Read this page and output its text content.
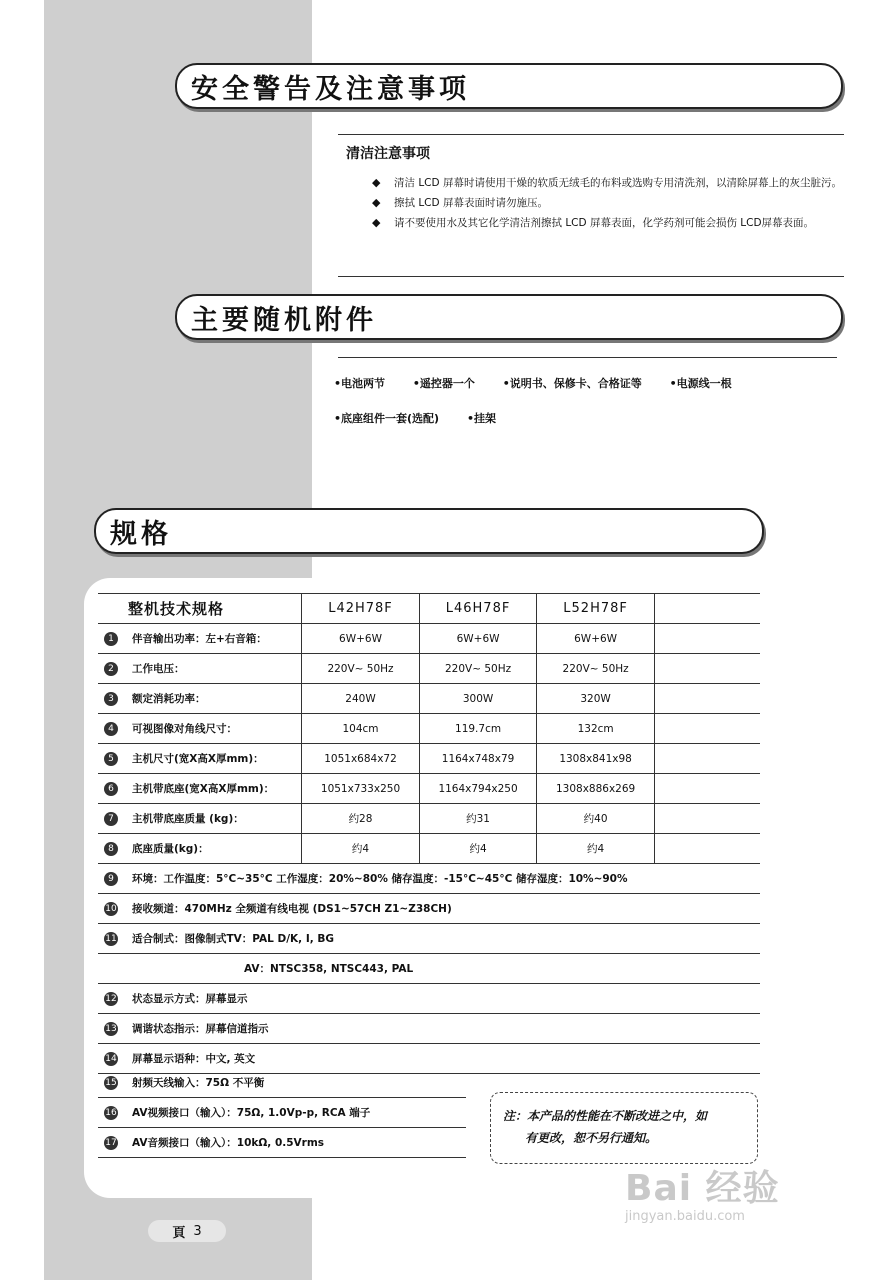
安全警告及注意事项
清洁注意事项
◆ 清洁 LCD 屏幕时请使用干燥的软质无绒毛的布料或选购专用清洗剂，以清除屏幕上的灰尘脏污。
◆ 擦拭 LCD 屏幕表面时请勿施压。
◆ 请不要使用水及其它化学清洁剂擦拭 LCD 屏幕表面，化学药剂可能会损伤 LCD屏幕表面。
主要随机附件
•电池两节	•遥控器一个	•说明书、保修卡、合格证等	•电源线一根
•底座组件一套(选配)	•挂架
规格
整机技术规格	L42H78F	L46H78F	L52H78F	
1 伴音输出功率：左+右音箱：	6W+6W	6W+6W	6W+6W	
2 工作电压：	220V~ 50Hz	220V~ 50Hz	220V~ 50Hz	
3 额定消耗功率：	240W	300W	320W	
4 可视图像对角线尺寸：	104cm	119.7cm	132cm	
5 主机尺寸(宽X高X厚mm)：	1051x684x72	1164x748x79	1308x841x98	
6 主机带底座(宽X高X厚mm)：	1051x733x250	1164x794x250	1308x886x269	
7 主机带底座质量 (kg)：	约28	约31	约40	
8 底座质量(kg)：	约4	约4	约4	
9 环境：工作温度：5°C~35°C 工作湿度：20%~80% 储存温度：-15°C~45°C 储存湿度：10%~90%				
10 接收频道：470MHz 全频道有线电视 (DS1~57CH Z1~Z38CH)				
11 适合制式：图像制式TV：PAL D/K, I, BG				
AV：NTSC358, NTSC443, PAL				
12 状态显示方式：屏幕显示				
13 调谐状态指示：屏幕信道指示				
14 屏幕显示语种：中文, 英文				
15 射频天线输入：75Ω 不平衡
16 AV视频接口（输入）：75Ω, 1.0Vp-p, RCA 端子
17 AV音频接口（输入）：10kΩ, 0.5Vrms
注：本产品的性能在不断改进之中，如
有更改，恕不另行通知。
頁 3
Bai 经验
jingyan.baidu.com
